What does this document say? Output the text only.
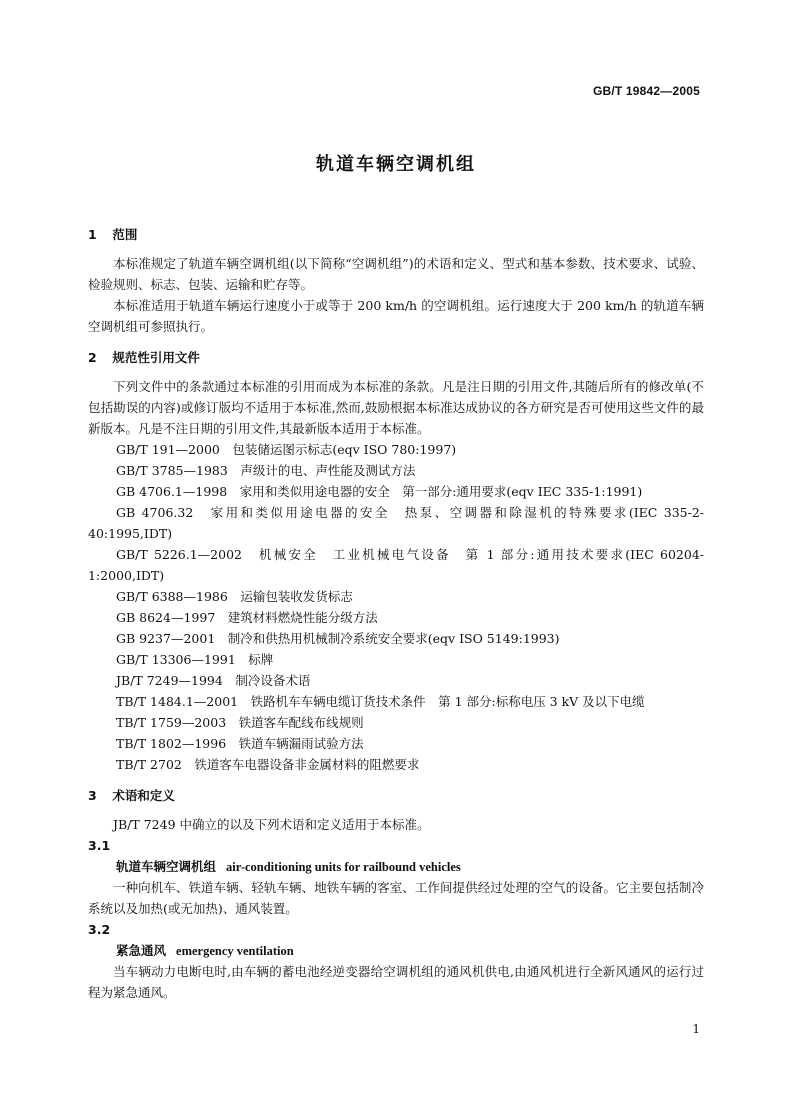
GB/T 19842—2005
轨道车辆空调机组
1 范围
本标准规定了轨道车辆空调机组(以下简称“空调机组”)的术语和定义、型式和基本参数、技术要求、试验、检验规则、标志、包装、运输和贮存等。
本标准适用于轨道车辆运行速度小于或等于 200 km/h 的空调机组。运行速度大于 200 km/h 的轨道车辆空调机组可参照执行。
2 规范性引用文件
下列文件中的条款通过本标准的引用而成为本标准的条款。凡是注日期的引用文件,其随后所有的修改单(不包括勘误的内容)或修订版均不适用于本标准,然而,鼓励根据本标准达成协议的各方研究是否可使用这些文件的最新版本。凡是不注日期的引用文件,其最新版本适用于本标准。
GB/T 191—2000　包装储运图示标志(eqv ISO 780:1997)
GB/T 3785—1983　声级计的电、声性能及测试方法
GB 4706.1—1998　家用和类似用途电器的安全　第一部分:通用要求(eqv IEC 335-1:1991)
GB 4706.32　家用和类似用途电器的安全　热泵、空调器和除湿机的特殊要求(IEC 335-2-40:1995,IDT)
GB/T 5226.1—2002　机械安全　工业机械电气设备　第 1 部分:通用技术要求(IEC 60204-1:2000,IDT)
GB/T 6388—1986　运输包装收发货标志
GB 8624—1997　建筑材料燃烧性能分级方法
GB 9237—2001　制冷和供热用机械制冷系统安全要求(eqv ISO 5149:1993)
GB/T 13306—1991　标牌
JB/T 7249—1994　制冷设备术语
TB/T 1484.1—2001　铁路机车车辆电缆订货技术条件　第 1 部分:标称电压 3 kV 及以下电缆
TB/T 1759—2003　铁道客车配线布线规则
TB/T 1802—1996　铁道车辆漏雨试验方法
TB/T 2702　铁道客车电器设备非金属材料的阻燃要求
3 术语和定义
JB/T 7249 中确立的以及下列术语和定义适用于本标准。
3.1
轨道车辆空调机组 air-conditioning units for railbound vehicles
一种向机车、铁道车辆、轻轨车辆、地铁车辆的客室、工作间提供经过处理的空气的设备。它主要包括制冷系统以及加热(或无加热)、通风装置。
3.2
紧急通风 emergency ventilation
当车辆动力电断电时,由车辆的蓄电池经逆变器给空调机组的通风机供电,由通风机进行全新风通风的运行过程为紧急通风。
1
